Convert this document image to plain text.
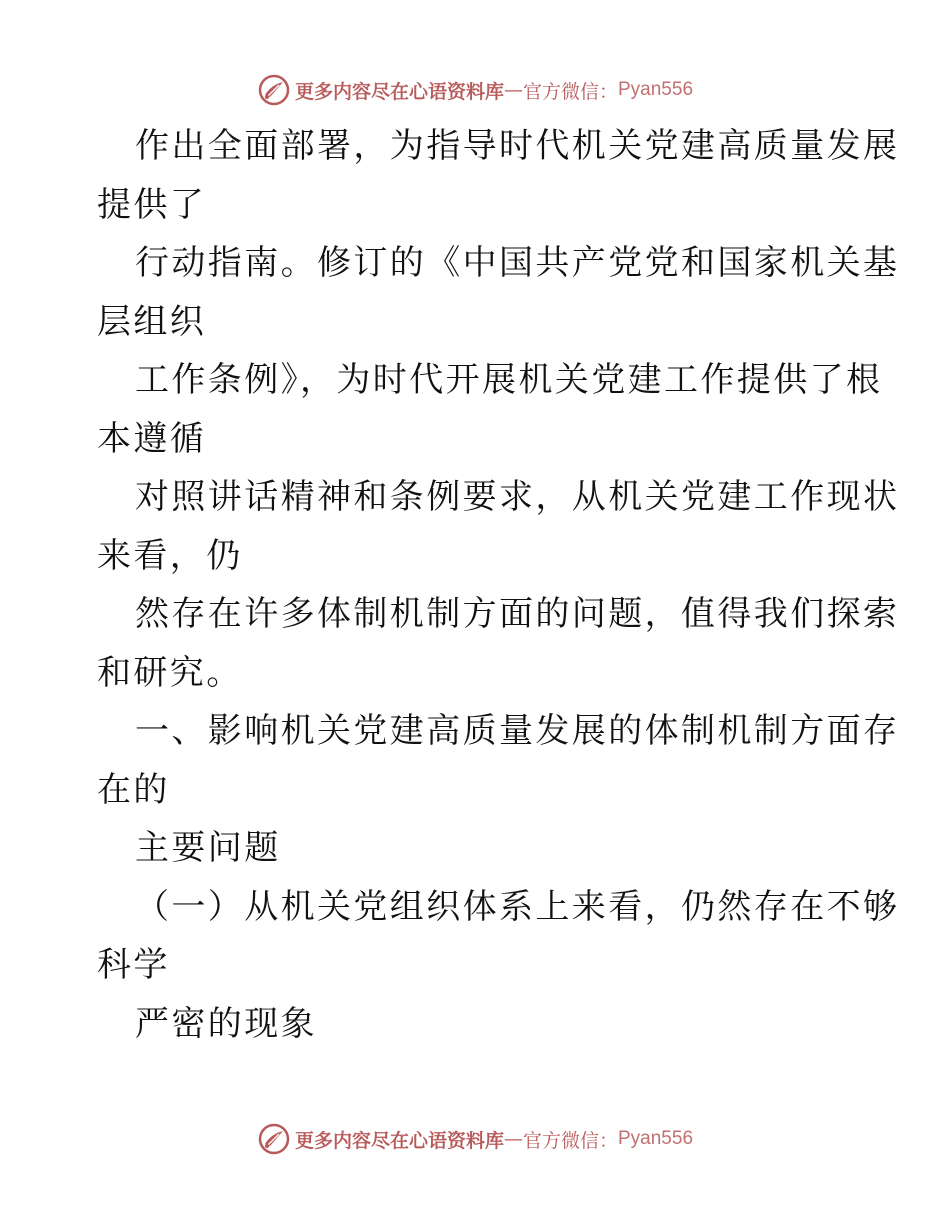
更多内容尽在心语资料库 — 官方微信： Pyan556
作出全面部署，为指导时代机关党建高质量发展
提供了
行动指南。修订的《中国共产党党和国家机关基
层组织
工作条例》，为时代开展机关党建工作提供了根
本遵循
对照讲话精神和条例要求，从机关党建工作现状
来看，仍
然存在许多体制机制方面的问题，值得我们探索
和研究。
一、影响机关党建高质量发展的体制机制方面存
在的
主要问题
（一）从机关党组织体系上来看，仍然存在不够
科学
严密的现象
更多内容尽在心语资料库 — 官方微信： Pyan556
